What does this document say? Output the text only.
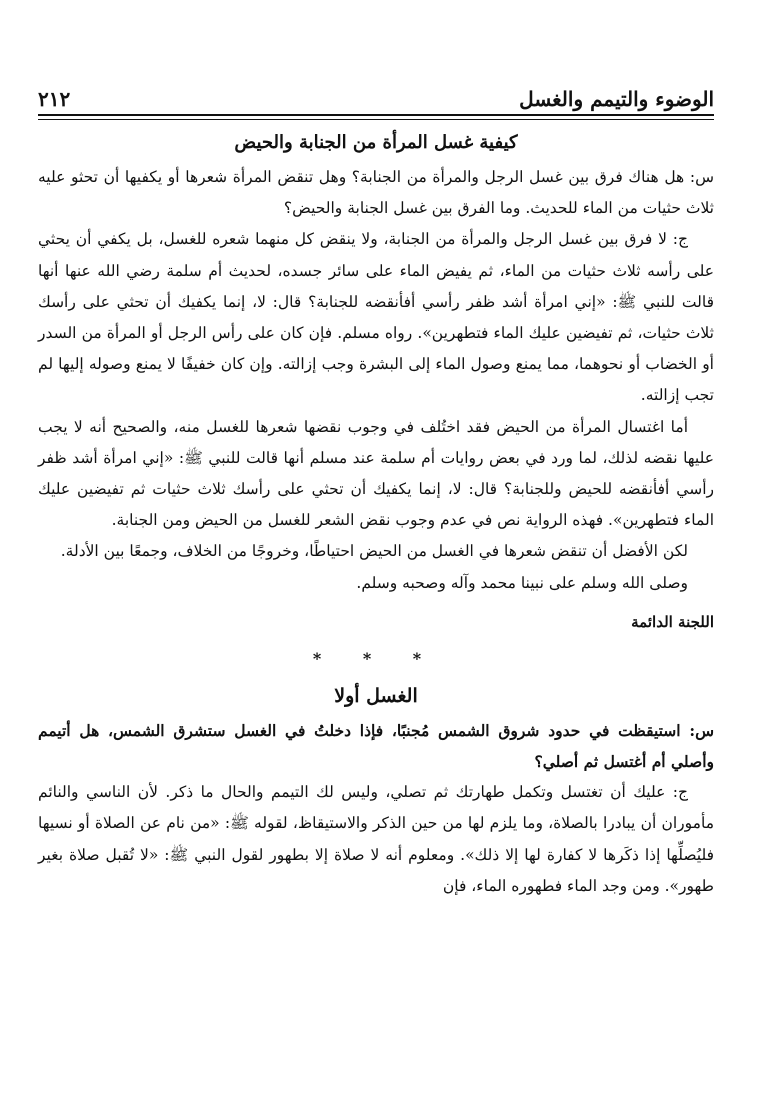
الوضوء والتيمم والغسل
٢١٢
كيفية غسل المرأة من الجنابة والحيض

س: هل هناك فرق بين غسل الرجل والمرأة من الجنابة؟ وهل تنقض المرأة شعرها أو يكفيها أن تحثو عليه ثلاث حثيات من الماء للحديث. وما الفرق بين غسل الجنابة والحيض؟

ج: لا فرق بين غسل الرجل والمرأة من الجنابة، ولا ينقض كل منهما شعره للغسل، بل يكفي أن يحثي على رأسه ثلاث حثيات من الماء، ثم يفيض الماء على سائر جسده، لحديث أم سلمة رضي الله عنها أنها قالت للنبي ﷺ: «إني امرأة أشد ظفر رأسي أفأنقضه للجنابة؟ قال: لا، إنما يكفيك أن تحثي على رأسك ثلاث حثيات، ثم تفيضين عليك الماء فتطهرين». رواه مسلم. فإن كان على رأس الرجل أو المرأة من السدر أو الخضاب أو نحوهما، مما يمنع وصول الماء إلى البشرة وجب إزالته. وإن كان خفيفًا لا يمنع وصوله إليها لم تجب إزالته.

أما اغتسال المرأة من الحيض فقد اختُلف في وجوب نقضها شعرها للغسل منه، والصحيح أنه لا يجب عليها نقضه لذلك، لما ورد في بعض روايات أم سلمة عند مسلم أنها قالت للنبي ﷺ: «إني امرأة أشد ظفر رأسي أفأنقضه للحيض وللجنابة؟ قال: لا، إنما يكفيك أن تحثي على رأسك ثلاث حثيات ثم تفيضين عليك الماء فتطهرين». فهذه الرواية نص في عدم وجوب نقض الشعر للغسل من الحيض ومن الجنابة.

لكن الأفضل أن تنقض شعرها في الغسل من الحيض احتياطًا، وخروجًا من الخلاف، وجمعًا بين الأدلة.

وصلى الله وسلم على نبينا محمد وآله وصحبه وسلم.

اللجنة الدائمة
* * *
الغسل أولا

س: استيقظت في حدود شروق الشمس مُجنبًا، فإذا دخلتُ في الغسل ستشرق الشمس، هل أتيمم وأصلي أم أغتسل ثم أصلي؟

ج: عليك أن تغتسل وتكمل طهارتك ثم تصلي، وليس لك التيمم والحال ما ذكر. لأن الناسي والنائم مأموران أن يبادرا بالصلاة، وما يلزم لها من حين الذكر والاستيقاظ، لقوله ﷺ: «من نام عن الصلاة أو نسيها فليُصلِّها إذا ذكَرها لا كفارة لها إلا ذلك». ومعلوم أنه لا صلاة إلا بطهور لقول النبي ﷺ: «لا تُقبل صلاة بغير طهور». ومن وجد الماء فطهوره الماء، فإن
